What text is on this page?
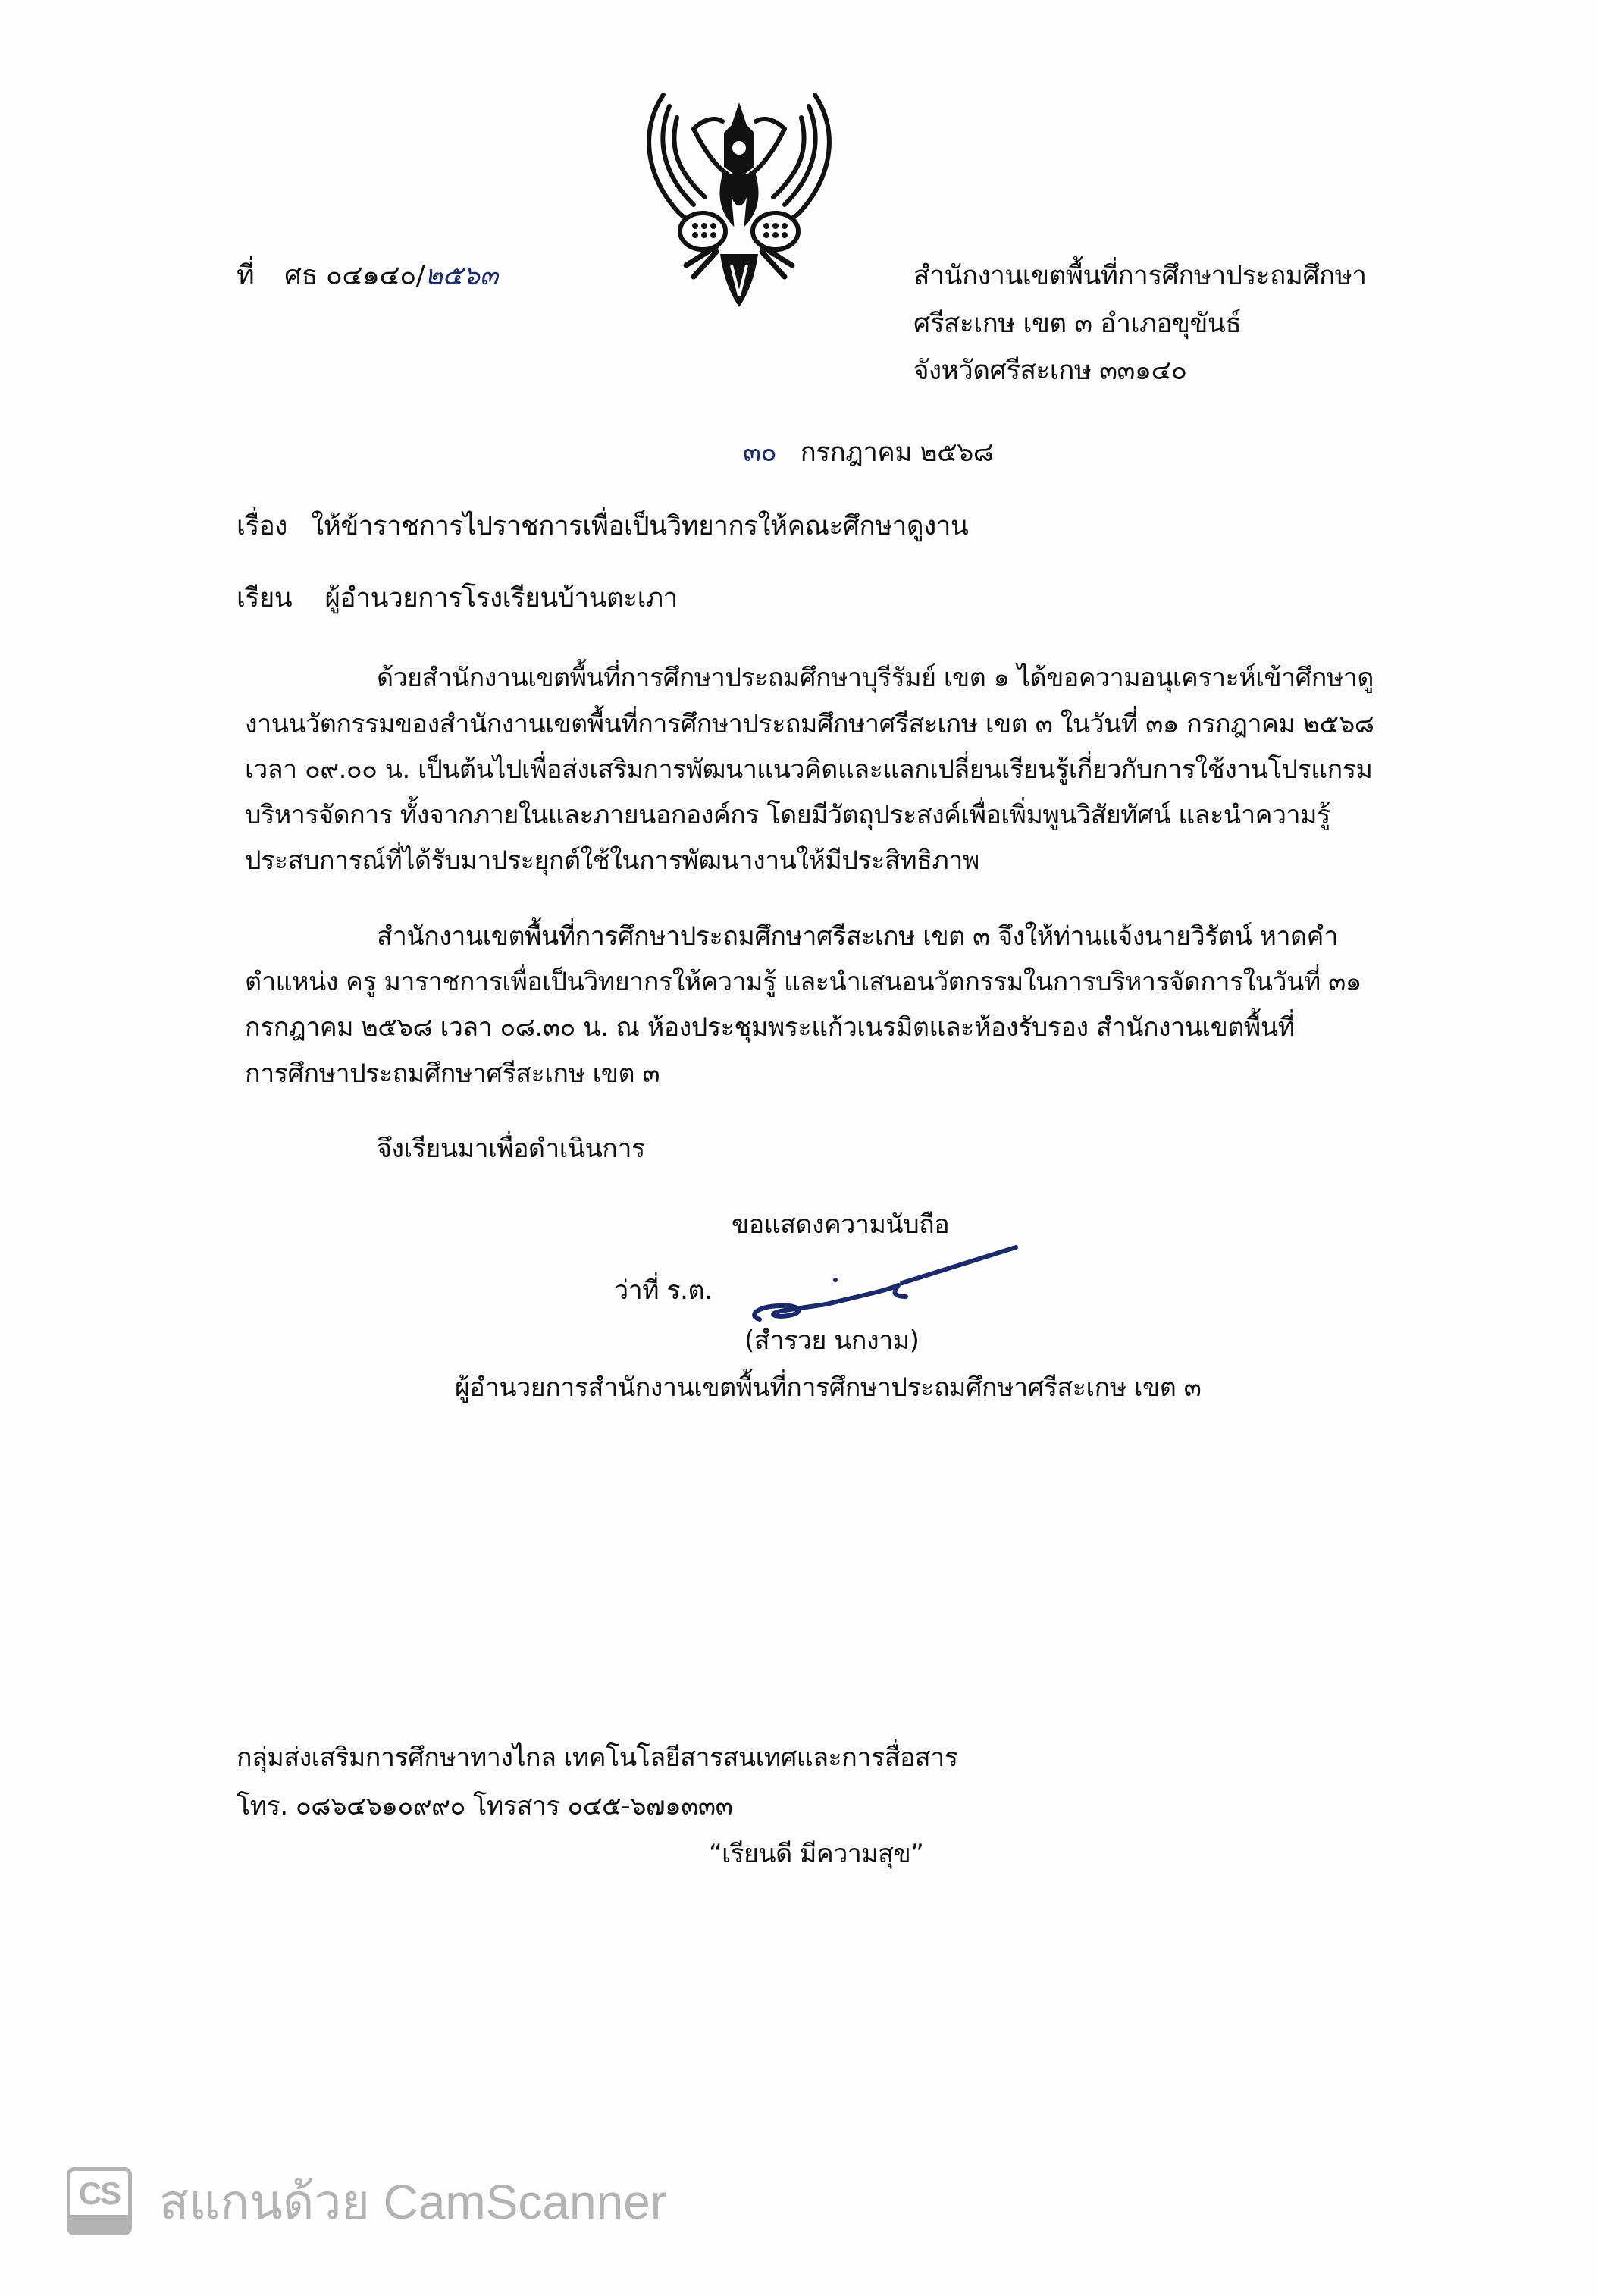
ที่ ศธ ๐๔๑๔๐/๒๕๖๓	สำนักงานเขตพื้นที่การศึกษาประถมศึกษา
ศรีสะเกษ เขต ๓ อำเภอขุขันธ์
จังหวัดศรีสะเกษ ๓๓๑๔๐
๓๐ กรกฎาคม ๒๕๖๘
เรื่อง ให้ข้าราชการไปราชการเพื่อเป็นวิทยากรให้คณะศึกษาดูงาน
เรียน ผู้อำนวยการโรงเรียนบ้านตะเภา
ด้วยสำนักงานเขตพื้นที่การศึกษาประถมศึกษาบุรีรัมย์ เขต ๑ ได้ขอความอนุเคราะห์เข้าศึกษาดู
งานนวัตกรรมของสำนักงานเขตพื้นที่การศึกษาประถมศึกษาศรีสะเกษ เขต ๓ ในวันที่ ๓๑ กรกฎาคม ๒๕๖๘
เวลา ๐๙.๐๐ น. เป็นต้นไปเพื่อส่งเสริมการพัฒนาแนวคิดและแลกเปลี่ยนเรียนรู้เกี่ยวกับการใช้งานโปรแกรม
บริหารจัดการ ทั้งจากภายในและภายนอกองค์กร โดยมีวัตถุประสงค์เพื่อเพิ่มพูนวิสัยทัศน์ และนำความรู้
ประสบการณ์ที่ได้รับมาประยุกต์ใช้ในการพัฒนางานให้มีประสิทธิภาพ
สำนักงานเขตพื้นที่การศึกษาประถมศึกษาศรีสะเกษ เขต ๓ จึงให้ท่านแจ้งนายวิรัตน์ หาดคำ
ตำแหน่ง ครู มาราชการเพื่อเป็นวิทยากรให้ความรู้ และนำเสนอนวัตกรรมในการบริหารจัดการในวันที่ ๓๑
กรกฎาคม ๒๕๖๘ เวลา ๐๘.๓๐ น. ณ ห้องประชุมพระแก้วเนรมิตและห้องรับรอง สำนักงานเขตพื้นที่
การศึกษาประถมศึกษาศรีสะเกษ เขต ๓
จึงเรียนมาเพื่อดำเนินการ
ขอแสดงความนับถือ
ว่าที่ ร.ต.
(สำรวย นกงาม)
ผู้อำนวยการสำนักงานเขตพื้นที่การศึกษาประถมศึกษาศรีสะเกษ เขต ๓
กลุ่มส่งเสริมการศึกษาทางไกล เทคโนโลยีสารสนเทศและการสื่อสาร
โทร. ๐๘๖๔๖๑๐๙๙๐ โทรสาร ๐๔๕-๖๗๑๓๓๓
“เรียนดี มีความสุข”
CS สแกนด้วย CamScanner
